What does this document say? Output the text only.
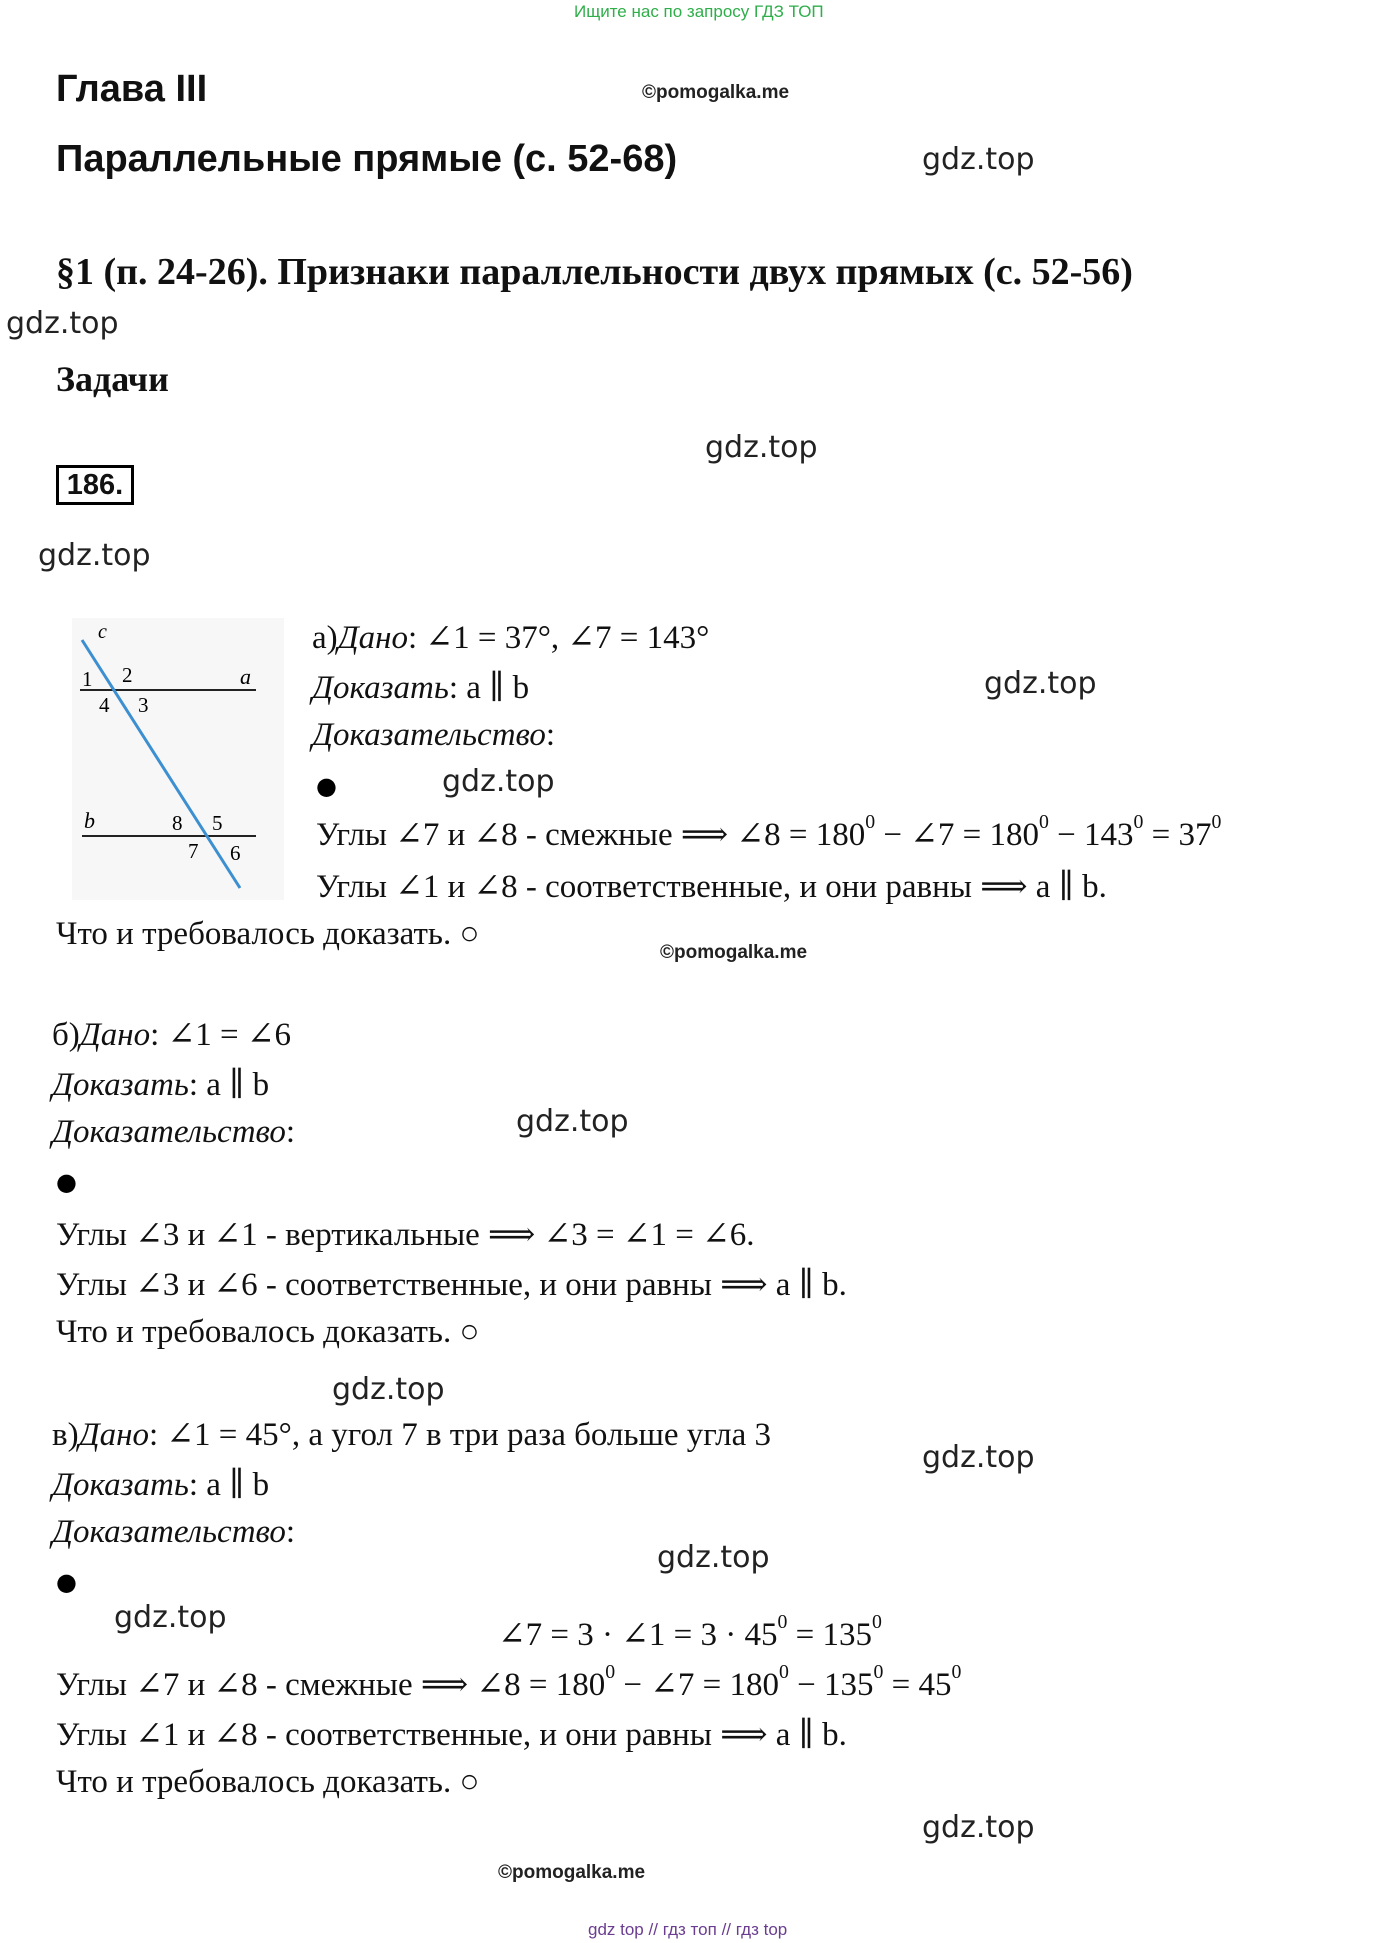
Ищите нас по запросу ГДЗ ТОП
Глава III	©pomogalka.me
Параллельные прямые (с. 52-68)	gdz.top
§1 (п. 24-26). Признаки параллельности двух прямых (с. 52-56)
gdz.top
Задачи
gdz.top
186.
gdz.top
c
a
b
1 2
3
4
5
6
7
8
а)Дано: ∠1 = 37°, ∠7 = 143°
gdz.top
Доказать: a ∥ b
Доказательство:
●	gdz.top
Углы ∠7 и ∠8 - смежные ⟹ ∠8 = $180^0$ − ∠7 = $180^0 - 143^0 = 37^0$
Углы ∠1 и ∠8 - соответственные, и они равны ⟹ a ∥ b.
Что и требовалось доказать. ○
©pomogalka.me
б)Дано: ∠1 = ∠6
Доказать: a ∥ b
gdz.top
Доказательство:
●
Углы ∠3 и ∠1 - вертикальные ⟹ ∠3 = ∠1 = ∠6.
Углы ∠3 и ∠6 - соответственные, и они равны ⟹ a ∥ b.
Что и требовалось доказать. ○
gdz.top
в)Дано: ∠1 = 45°, а угол 7 в три раза больше угла 3
gdz.top
Доказать: a ∥ b
Доказательство:
gdz.top
●
gdz.top	∠7 = 3 · ∠1 = $3 \cdot 45^0 = 135^0$
Углы ∠7 и ∠8 - смежные ⟹ ∠8 = $180^0$ − ∠7 = $180^0 - 135^0 = 45^0$
Углы ∠1 и ∠8 - соответственные, и они равны ⟹ a ∥ b.
Что и требовалось доказать. ○
gdz.top
©pomogalka.me
gdz top // гдз топ // гдз top
